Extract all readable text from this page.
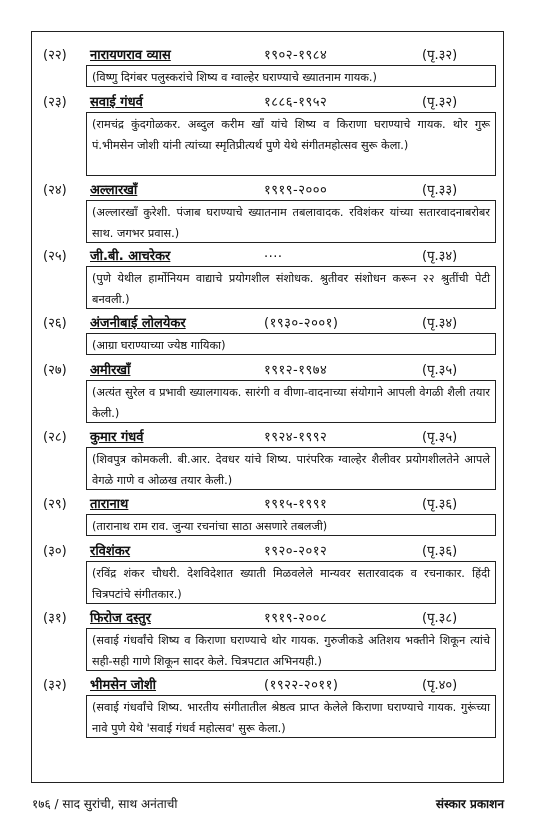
(२२) नारायणराव व्यास	१९०२-१९८४	(पृ.३२)
(विष्णु दिगंबर पलुस्करांचे शिष्य व ग्वाल्हेर घराण्याचे ख्यातनाम गायक.)
(२३) सवाई गंधर्व	१८८६-१९५२	(पृ.३२)
(रामचंद्र कुंदगोळकर. अब्दुल करीम खाँ यांचे शिष्य व किराणा घराण्याचे गायक. थोर गुरू पं.भीमसेन जोशी यांनी त्यांच्या स्मृतिप्रीत्यर्थ पुणे येथे संगीतमहोत्सव सुरू केला.)
(२४) अल्लारखाँ	१९१९-२०००	(पृ.३३)
(अल्लारखाँ कुरेशी. पंजाब घराण्याचे ख्यातनाम तबलावादक. रविशंकर यांच्या सतारवादनाबरोबर साथ. जगभर प्रवास.)
(२५) जी.बी. आचरेकर	....	(पृ.३४)
(पुणे येथील हार्मोनियम वाद्याचे प्रयोगशील संशोधक. श्रुतीवर संशोधन करून २२ श्रुतींची पेटी बनवली.)
(२६) अंजनीबाई लोलयेकर	(१९३०-२००१)	(पृ.३४)
(आग्रा घराण्याच्या ज्येष्ठ गायिका)
(२७) अमीरखाँ	१९१२-१९७४	(पृ.३५)
(अत्यंत सुरेल व प्रभावी ख्यालगायक. सारंगी व वीणा-वादनाच्या संयोगाने आपली वेगळी शैली तयार केली.)
(२८) कुमार गंधर्व	१९२४-१९९२	(पृ.३५)
(शिवपुत्र कोमकली. बी.आर. देवधर यांचे शिष्य. पारंपरिक ग्वाल्हेर शैलीवर प्रयोगशीलतेने आपले वेगळे गाणे व ओळख तयार केली.)
(२९) तारानाथ	१९१५-१९९१	(पृ.३६)
(तारानाथ राम राव. जुन्या रचनांचा साठा असणारे तबलजी)
(३०) रविशंकर	१९२०-२०१२	(पृ.३६)
(रविंद्र शंकर चौधरी. देशविदेशात ख्याती मिळवलेले मान्यवर सतारवादक व रचनाकार. हिंदी चित्रपटांचे संगीतकार.)
(३१) फिरोज दस्तुर	१९१९-२००८	(पृ.३८)
(सवाई गंधर्वांचे शिष्य व किराणा घराण्याचे थोर गायक. गुरुजीकडे अतिशय भक्तीने शिकून त्यांचे सही-सही गाणे शिकून सादर केले. चित्रपटात अभिनयही.)
(३२) भीमसेन जोशी	(१९२२-२०११)	(पृ.४०)
(सवाई गंधर्वांचे शिष्य. भारतीय संगीतातील श्रेष्ठत्व प्राप्त केलेले किराणा घराण्याचे गायक. गुरूंच्या नावे पुणे येथे 'सवाई गंधर्व महोत्सव' सुरू केला.)
१७६ / साद सुरांची, साथ अनंताची	संस्कार प्रकाशन
